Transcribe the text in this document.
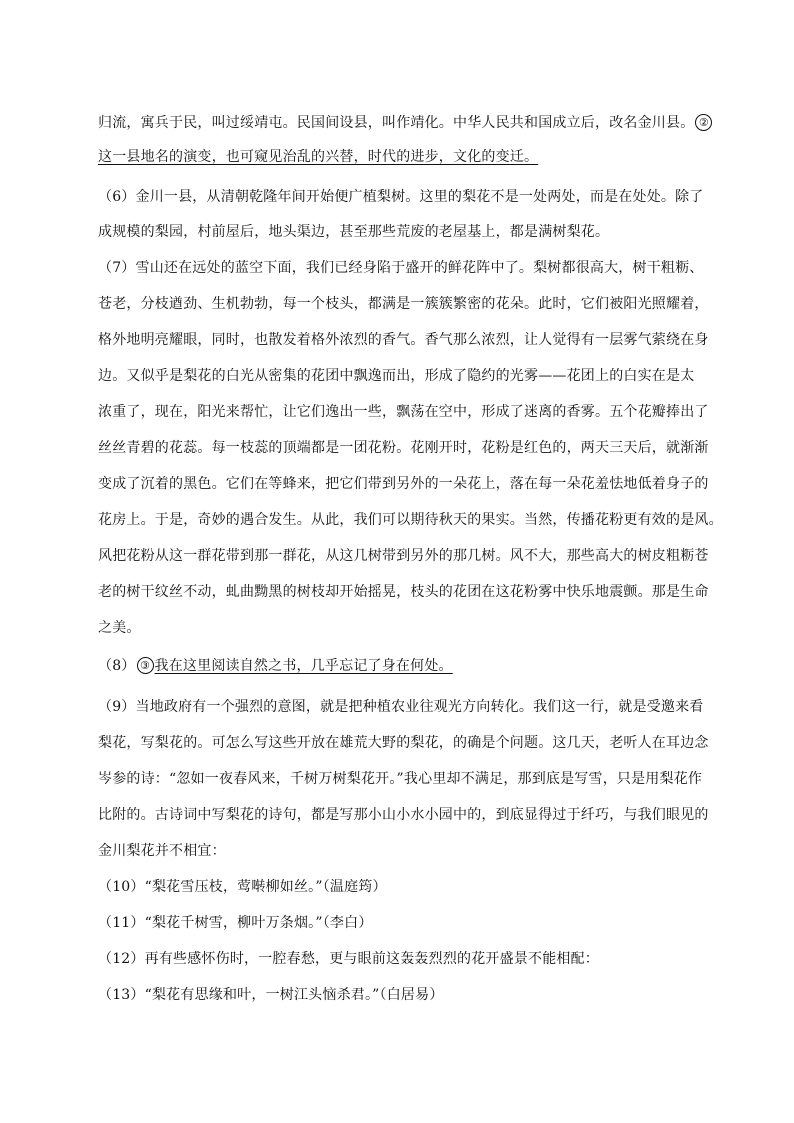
归流，寓兵于民，叫过绥靖屯。民国间设县，叫作靖化。中华人民共和国成立后，改名金川县。 ②
这一县地名的演变，也可窥见治乱的兴替，时代的进步，文化的变迁。
（6）金川一县，从清朝乾隆年间开始便广植梨树。这里的梨花不是一处两处，而是在处处。除了
成规模的梨园，村前屋后，地头渠边，甚至那些荒废的老屋基上，都是满树梨花。
（7）雪山还在远处的蓝空下面，我们已经身陷于盛开的鲜花阵中了。梨树都很高大，树干粗粝、
苍老，分枝遒劲、生机勃勃，每一个枝头，都满是一簇簇繁密的花朵。此时，它们被阳光照耀着，
格外地明亮耀眼，同时，也散发着格外浓烈的香气。香气那么浓烈，让人觉得有一层雾气萦绕在身
边。又似乎是梨花的白光从密集的花团中飘逸而出，形成了隐约的光雾——花团上的白实在是太
浓重了，现在，阳光来帮忙，让它们逸出一些，飘荡在空中，形成了迷离的香雾。五个花瓣捧出了
丝丝青碧的花蕊。每一枝蕊的顶端都是一团花粉。花刚开时，花粉是红色的，两天三天后，就渐渐
变成了沉着的黑色。它们在等蜂来，把它们带到另外的一朵花上，落在每一朵花羞怯地低着身子的
花房上。于是，奇妙的遇合发生。从此，我们可以期待秋天的果实。当然，传播花粉更有效的是风。
风把花粉从这一群花带到那一群花，从这几树带到另外的那几树。风不大，那些高大的树皮粗粝苍
老的树干纹丝不动，虬曲黝黑的树枝却开始摇晃，枝头的花团在这花粉雾中快乐地震颤。那是生命
之美。
（8） ③ 我在这里阅读自然之书，几乎忘记了身在何处。
（9）当地政府有一个强烈的意图，就是把种植农业往观光方向转化。我们这一行，就是受邀来看
梨花，写梨花的。可怎么写这些开放在雄荒大野的梨花，的确是个问题。这几天，老听人在耳边念
岑参的诗：“忽如一夜春风来，千树万树梨花开。”我心里却不满足，那到底是写雪，只是用梨花作
比附的。古诗词中写梨花的诗句，都是写那小山小水小园中的，到底显得过于纤巧，与我们眼见的
金川梨花并不相宜：
（10）“梨花雪压枝，莺啭柳如丝。”（温庭筠）
（11）“梨花千树雪，柳叶万条烟。”（李白）
（12）再有些感怀伤时，一腔春愁，更与眼前这轰轰烈烈的花开盛景不能相配：
（13）“梨花有思缘和叶，一树江头恼杀君。”（白居易）
